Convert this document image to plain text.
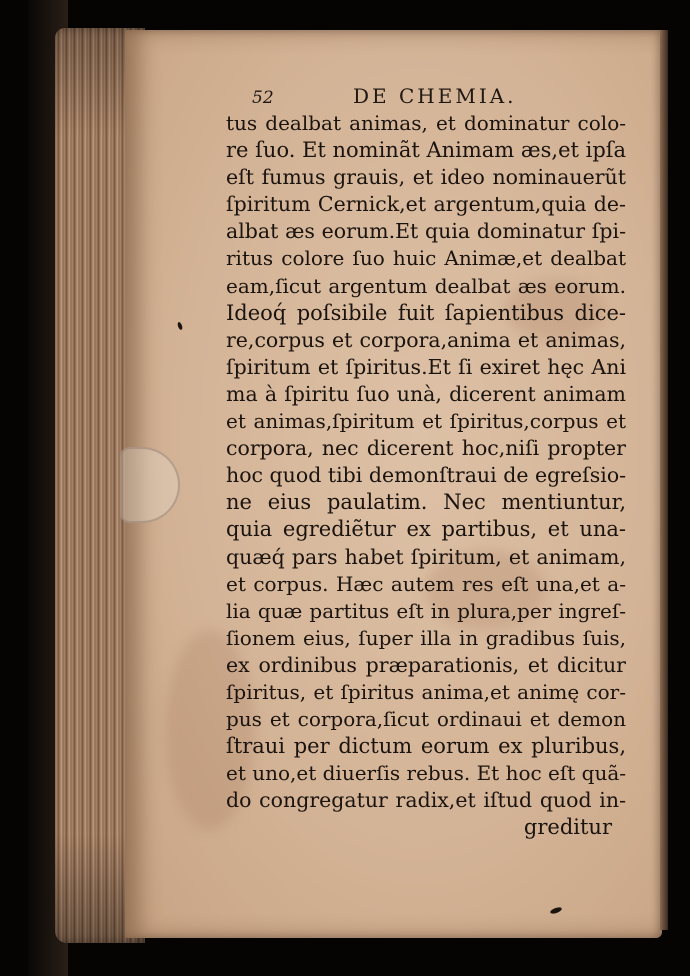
52	DE CHEMIA.
tus dealbat animas, et dominatur colo-
re ſuo. Et nominãt Animam æs,et ipſa
eſt fumus grauis, et ideo nominauerũt
ſpiritum Cernick,et argentum,quia de-
albat æs eorum.Et quia dominatur ſpi-
ritus colore ſuo huic Animæ,et dealbat
eam,ſicut argentum dealbat æs eorum.
Ideoq́ poſsibile fuit ſapientibus dice-
re,corpus et corpora,anima et animas,
ſpiritum et ſpiritus.Et ſi exiret hęc Ani
ma à ſpiritu ſuo unà, dicerent animam
et animas,ſpiritum et ſpiritus,corpus et
corpora, nec dicerent hoc,niſi propter
hoc quod tibi demonſtraui de egreſsio-
ne eius paulatim. Nec mentiuntur,
quia egrediẽtur ex partibus, et una-
quæq́ pars habet ſpiritum, et animam,
et corpus. Hæc autem res eſt una,et a-
lia quæ partitus eſt in plura,per ingreſ-
ſionem eius, ſuper illa in gradibus ſuis,
ex ordinibus præparationis, et dicitur
ſpiritus, et ſpiritus anima,et animę cor-
pus et corpora,ſicut ordinaui et demon
ſtraui per dictum eorum ex pluribus,
et uno,et diuerſis rebus. Et hoc eſt quã-
do congregatur radix,et iſtud quod in-
greditur
